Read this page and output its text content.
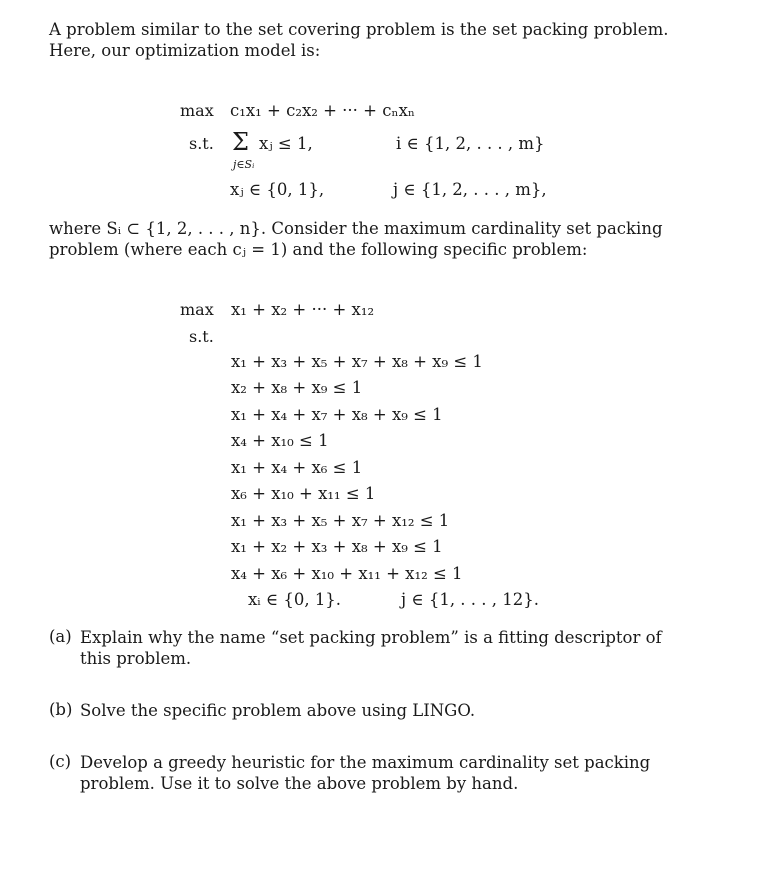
A problem similar to the set covering problem is the set packing problem. Here, our optimization model is:
max c₁x₁ + c₂x₂ + ··· + cₙxₙ
s.t. Σ
j∈Sᵢ
xⱼ ≤ 1,	i ∈ {1, 2, . . . , m}
xⱼ ∈ {0, 1},	j ∈ {1, 2, . . . , m},
where Sᵢ ⊂ {1, 2, . . . , n}. Consider the maximum cardinality set packing problem (where each cⱼ = 1) and the following specific problem:
max x₁ + x₂ + ··· + x₁₂
s.t.
x₁ + x₃ + x₅ + x₇ + x₈ + x₉ ≤ 1
x₂ + x₈ + x₉ ≤ 1
x₁ + x₄ + x₇ + x₈ + x₉ ≤ 1
x₄ + x₁₀ ≤ 1
x₁ + x₄ + x₆ ≤ 1
x₆ + x₁₀ + x₁₁ ≤ 1
x₁ + x₃ + x₅ + x₇ + x₁₂ ≤ 1
x₁ + x₂ + x₃ + x₈ + x₉ ≤ 1
x₄ + x₆ + x₁₀ + x₁₁ + x₁₂ ≤ 1
xᵢ ∈ {0, 1}.	j ∈ {1, . . . , 12}.
(a) Explain why the name “set packing problem” is a fitting descriptor of this problem.
(b) Solve the specific problem above using LINGO.
(c) Develop a greedy heuristic for the maximum cardinality set packing problem. Use it to solve the above problem by hand.
